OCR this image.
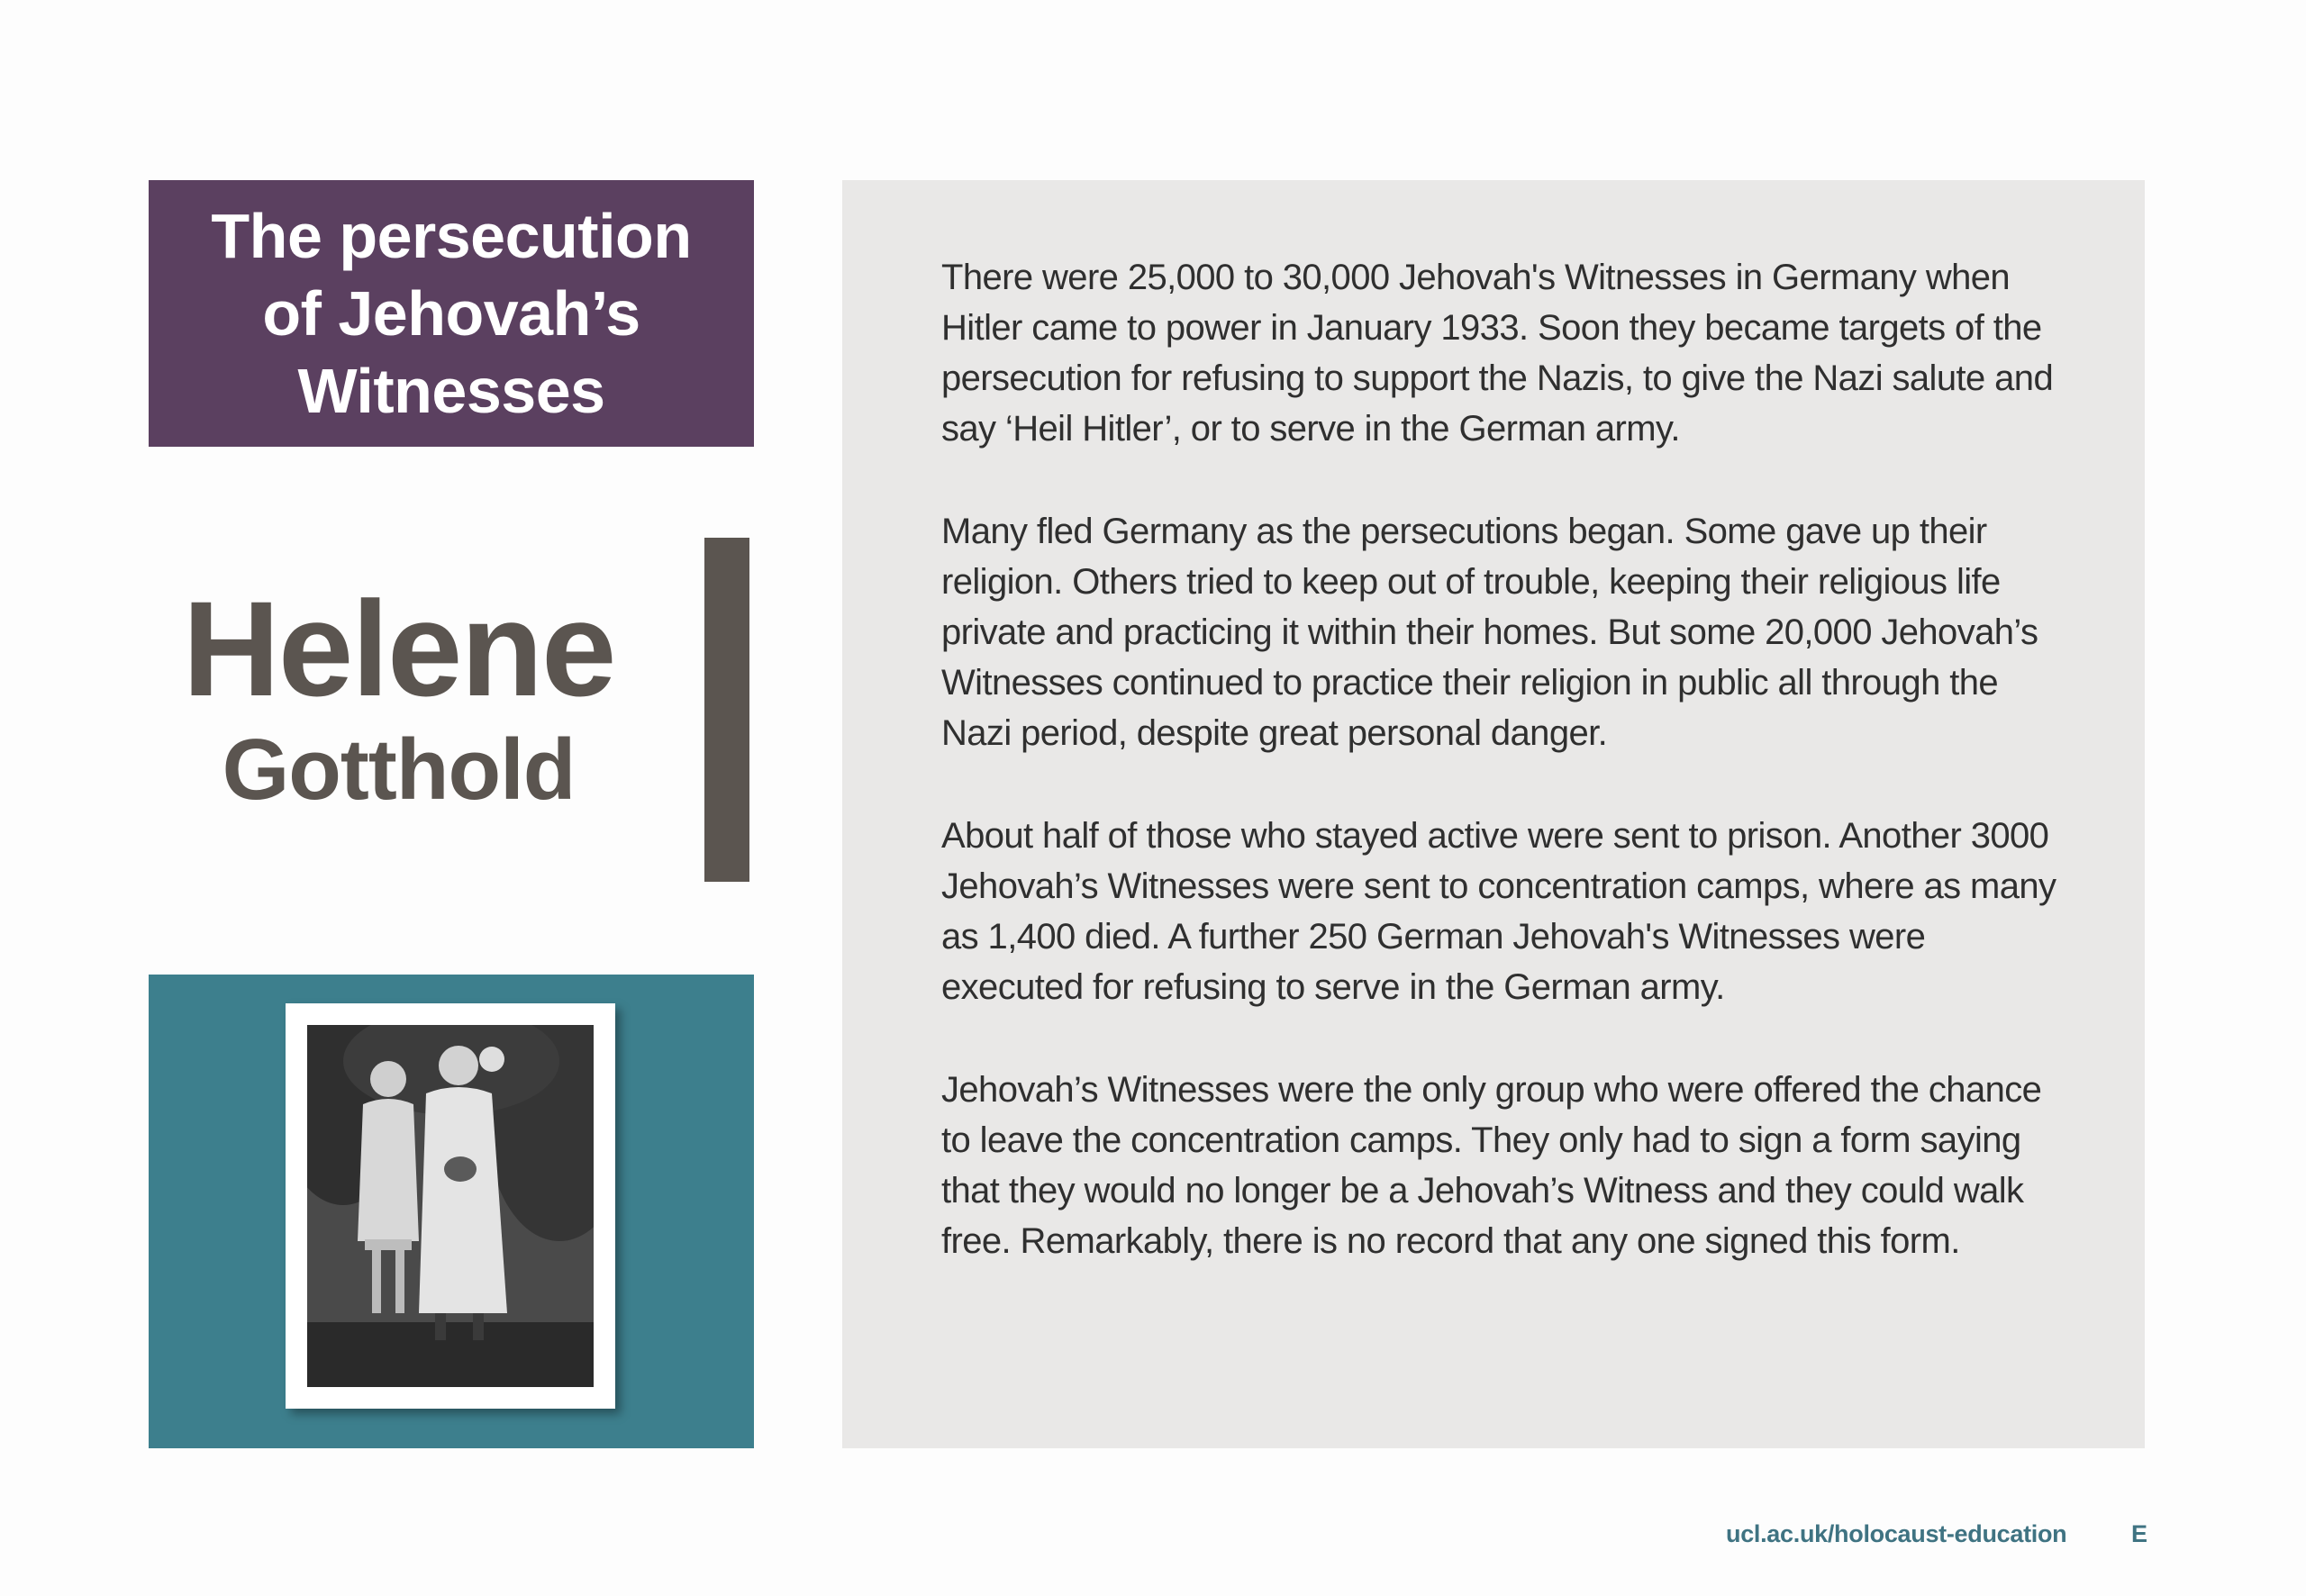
The persecution
of Jehovah’s
Witnesses
Helene
Gotthold

There were 25,000 to 30,000 Jehovah's Witnesses in Germany when Hitler came to power in January 1933. Soon they became targets of the persecution for refusing to support the Nazis, to give the Nazi salute and say ‘Heil Hitler’, or to serve in the German army.

Many fled Germany as the persecutions began. Some gave up their religion. Others tried to keep out of trouble, keeping their religious life private and practicing it within their homes. But some 20,000 Jehovah’s Witnesses continued to practice their religion in public all through the Nazi period, despite great personal danger.

About half of those who stayed active were sent to prison. Another 3000 Jehovah’s Witnesses were sent to concentration camps, where as many as 1,400 died. A further 250 German Jehovah's Witnesses were executed for refusing to serve in the German army.

Jehovah’s Witnesses were the only group who were offered the chance to leave the concentration camps. They only had to sign a form saying that they would no longer be a Jehovah’s Witness and they could walk free. Remarkably, there is no record that any one signed this form.

ucl.ac.uk/holocaust-education	E
